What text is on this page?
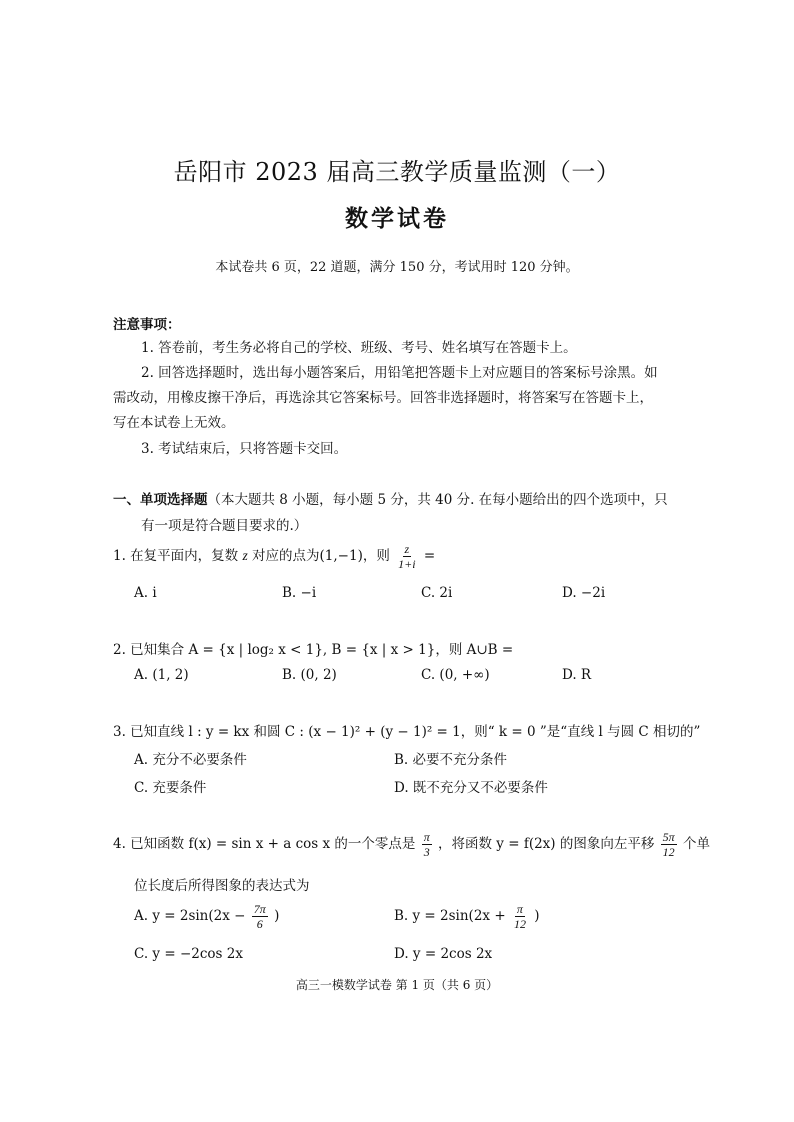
岳阳市 2023 届高三教学质量监测（一）
数学试卷
本试卷共 6 页，22 道题，满分 150 分，考试用时 120 分钟。
注意事项：
1. 答卷前，考生务必将自己的学校、班级、考号、姓名填写在答题卡上。
2. 回答选择题时，选出每小题答案后，用铅笔把答题卡上对应题目的答案标号涂黑。如
需改动，用橡皮擦干净后，再选涂其它答案标号。回答非选择题时，将答案写在答题卡上，
写在本试卷上无效。
3. 考试结束后，只将答题卡交回。
一、单项选择题（本大题共 8 小题，每小题 5 分，共 40 分. 在每小题给出的四个选项中，只
有一项是符合题目要求的.）
1. 在复平面内，复数 z 对应的点为(1,−1)，则 $\frac{z}{1+i}$ =
A. i	B. −i	C. 2i	D. −2i
2. 已知集合 A = {x | log₂ x < 1}, B = {x | x > 1}，则 A∪B =
A. (1, 2)	B. (0, 2)	C. (0, +∞)	D. R
3. 已知直线 l : y = kx 和圆 C : (x − 1)² + (y − 1)² = 1，则“ k = 0 ”是“直线 l 与圆 C 相切的”
A. 充分不必要条件	B. 必要不充分条件
C. 充要条件	D. 既不充分又不必要条件
4. 已知函数 f(x) = sin x + a cos x 的一个零点是 $\frac{\pi}{3}$ ，将函数 y = f(2x) 的图象向左平移 $\frac{5\pi}{12}$ 个单
位长度后所得图象的表达式为
A. $y = 2\sin(2x - \frac{7\pi}{6}$ )	B. $y = 2\sin(2x + \frac{\pi}{12}$ )
C. y = −2cos 2x	D. y = 2cos 2x
高三一模数学试卷 第 1 页（共 6 页）
